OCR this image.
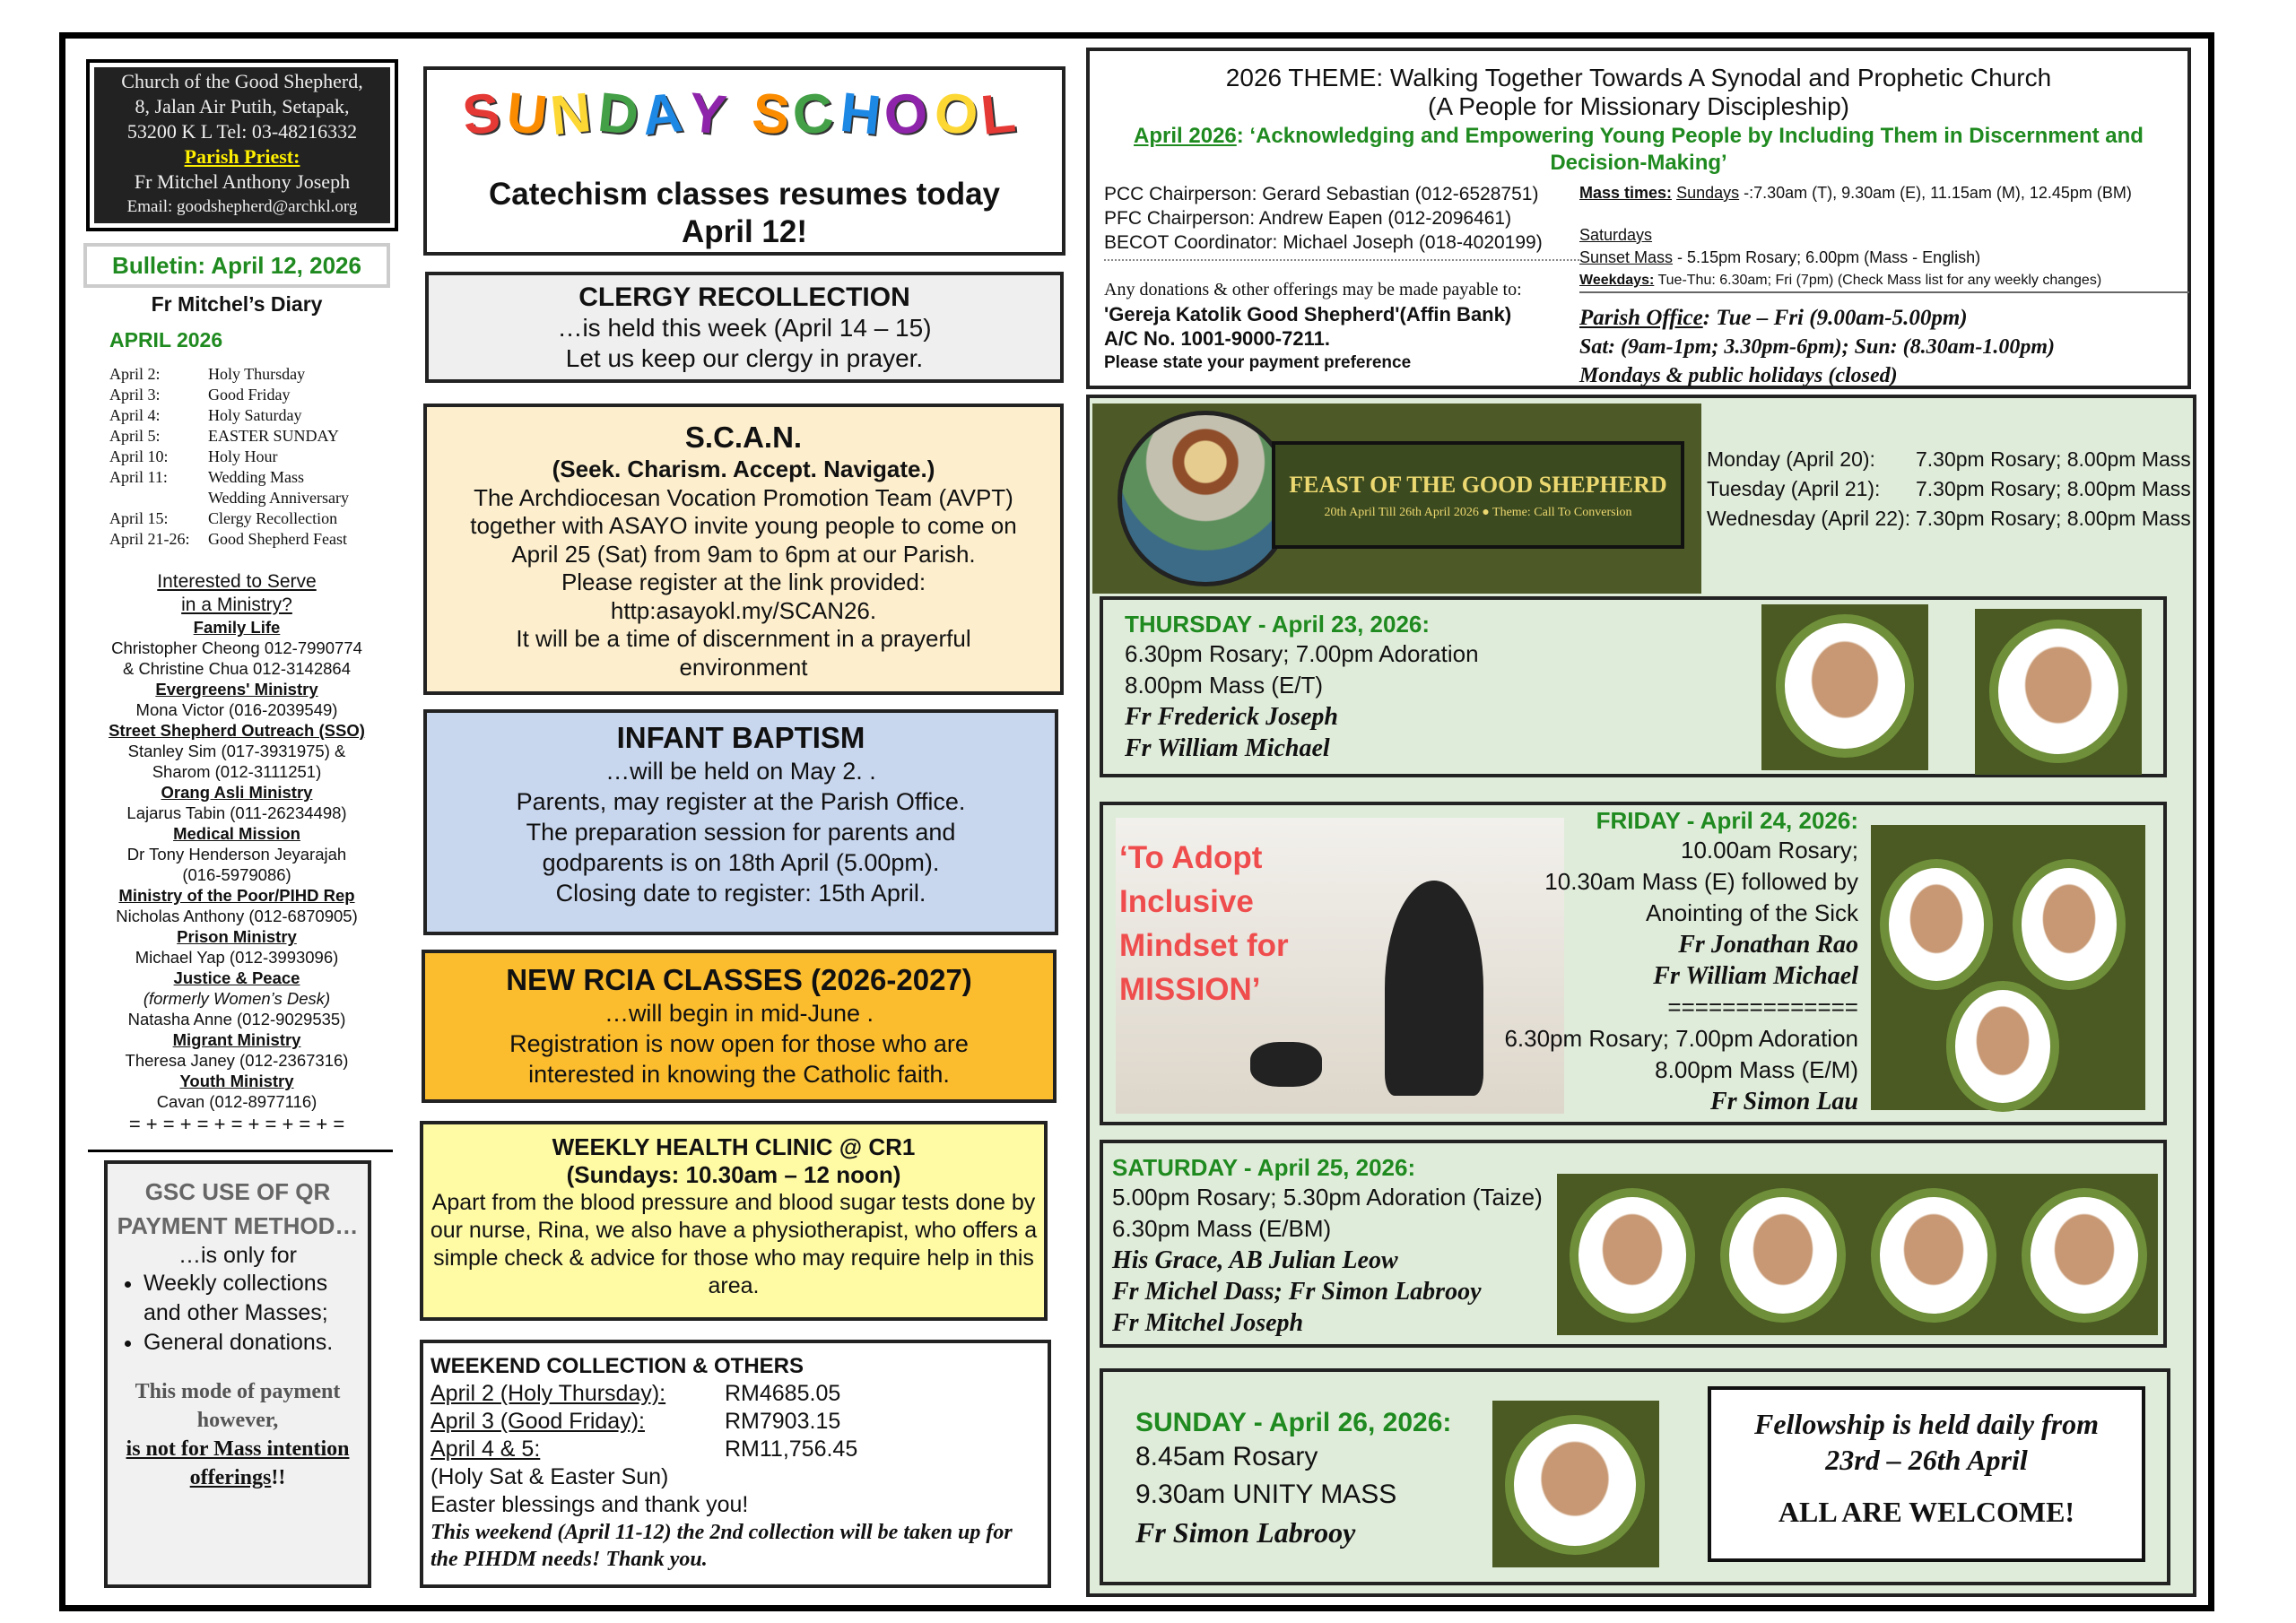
Church of the Good Shepherd,
8, Jalan Air Putih, Setapak,
53200 K L Tel: 03-48216332
Parish Priest:
Fr Mitchel Anthony Joseph
Email: goodshepherd@archkl.org
Bulletin: April 12, 2026
Fr Mitchel’s Diary
APRIL 2026
April 2:	Holy Thursday
April 3:	Good Friday
April 4:	Holy Saturday
April 5:	EASTER SUNDAY
April 10:	Holy Hour
April 11:	Wedding Mass
Wedding Anniversary
April 15:	Clergy Recollection
April 21-26:	Good Shepherd Feast
Interested to Serve
in a Ministry?
Family Life
Christopher Cheong 012-7990774
& Christine Chua 012-3142864
Evergreens' Ministry
Mona Victor (016-2039549)
Street Shepherd Outreach (SSO)
Stanley Sim (017-3931975) &
Sharom (012-3111251)
Orang Asli Ministry
Lajarus Tabin (011-26234498)
Medical Mission
Dr Tony Henderson Jeyarajah
(016-5979086)
Ministry of the Poor/PIHD Rep
Nicholas Anthony (012-6870905)
Prison Ministry
Michael Yap (012-3993096)
Justice & Peace
(formerly Women’s Desk)
Natasha Anne (012-9029535)
Migrant Ministry
Theresa Janey (012-2367316)
Youth Ministry
Cavan (012-8977116)
= + = + = + = + = + = + =
GSC USE OF QR PAYMENT METHOD…
…is only for
• Weekly collections and other Masses;
• General donations.
This mode of payment however,
is not for Mass intention offerings!!
S U
N D
A Y
S
C H
O O
L
Catechism classes resumes today
April 12!
CLERGY RECOLLECTION
…is held this week (April 14 – 15)
Let us keep our clergy in prayer.
S.C.A.N.
(Seek. Charism. Accept. Navigate.)
The Archdiocesan Vocation Promotion Team (AVPT)
together with ASAYO invite young people to come on
April 25 (Sat) from 9am to 6pm at our Parish.
Please register at the link provided:
http:asayokl.my/SCAN26.
It will be a time of discernment in a prayerful
environment
INFANT BAPTISM
…will be held on May 2. .
Parents, may register at the Parish Office.
The preparation session for parents and
godparents is on 18th April (5.00pm).
Closing date to register: 15th April.
NEW RCIA CLASSES (2026-2027)
…will begin in mid-June .
Registration is now open for those who are
interested in knowing the Catholic faith.
WEEKLY HEALTH CLINIC @ CR1
(Sundays: 10.30am – 12 noon)
Apart from the blood pressure and blood sugar tests done by our nurse, Rina, we also have a physiotherapist, who offers a simple check & advice for those who may require help in this area.
WEEKEND COLLECTION & OTHERS
April 2 (Holy Thursday):	RM4685.05
April 3 (Good Friday):	RM7903.15
April 4 & 5:	RM11,756.45
(Holy Sat & Easter Sun)
Easter blessings and thank you!
This weekend (April 11-12) the 2nd collection will be taken up for the PIHDM needs! Thank you.
2026 THEME: Walking Together Towards A Synodal and Prophetic Church
(A People for Missionary Discipleship)
April 2026: ‘Acknowledging and Empowering Young People by Including Them in Discernment and Decision-Making’
PCC Chairperson: Gerard Sebastian (012-6528751)
PFC Chairperson: Andrew Eapen (012-2096461)
BECOT Coordinator: Michael Joseph (018-4020199)
Any donations & other offerings may be made payable to:
'Gereja Katolik Good Shepherd'(Affin Bank)
A/C No. 1001-9000-7211.
Please state your payment preference
Mass times: Sundays -:7.30am (T), 9.30am (E), 11.15am (M), 12.45pm (BM)
Saturdays
Sunset Mass - 5.15pm Rosary; 6.00pm (Mass - English)
Weekdays: Tue-Thu: 6.30am; Fri (7pm) (Check Mass list for any weekly changes)
Parish Office: Tue – Fri (9.00am-5.00pm)
Sat: (9am-1pm; 3.30pm-6pm); Sun: (8.30am-1.00pm)
Mondays & public holidays (closed)
FEAST OF THE GOOD SHEPHERD
20th April Till 26th April 2026 ● Theme: Call To Conversion
Monday (April 20):	7.30pm Rosary; 8.00pm Mass
Tuesday (April 21):	7.30pm Rosary; 8.00pm Mass
Wednesday (April 22): 7.30pm Rosary; 8.00pm Mass
THURSDAY - April 23, 2026:
6.30pm Rosary; 7.00pm Adoration
8.00pm Mass (E/T)
Fr Frederick Joseph
Fr William Michael
‘To Adopt Inclusive Mindset for MISSION’
FRIDAY - April 24, 2026:
10.00am Rosary;
10.30am Mass (E) followed by
Anointing of the Sick
Fr Jonathan Rao
Fr William Michael
==============
6.30pm Rosary; 7.00pm Adoration
8.00pm Mass (E/M)
Fr Simon Lau
SATURDAY - April 25, 2026:
5.00pm Rosary; 5.30pm Adoration (Taize)
6.30pm Mass (E/BM)
His Grace, AB Julian Leow
Fr Michel Dass; Fr Simon Labrooy
Fr Mitchel Joseph
SUNDAY - April 26, 2026:
8.45am Rosary
9.30am UNITY MASS
Fr Simon Labrooy
Fellowship is held daily from
23rd – 26th April
ALL ARE WELCOME!
